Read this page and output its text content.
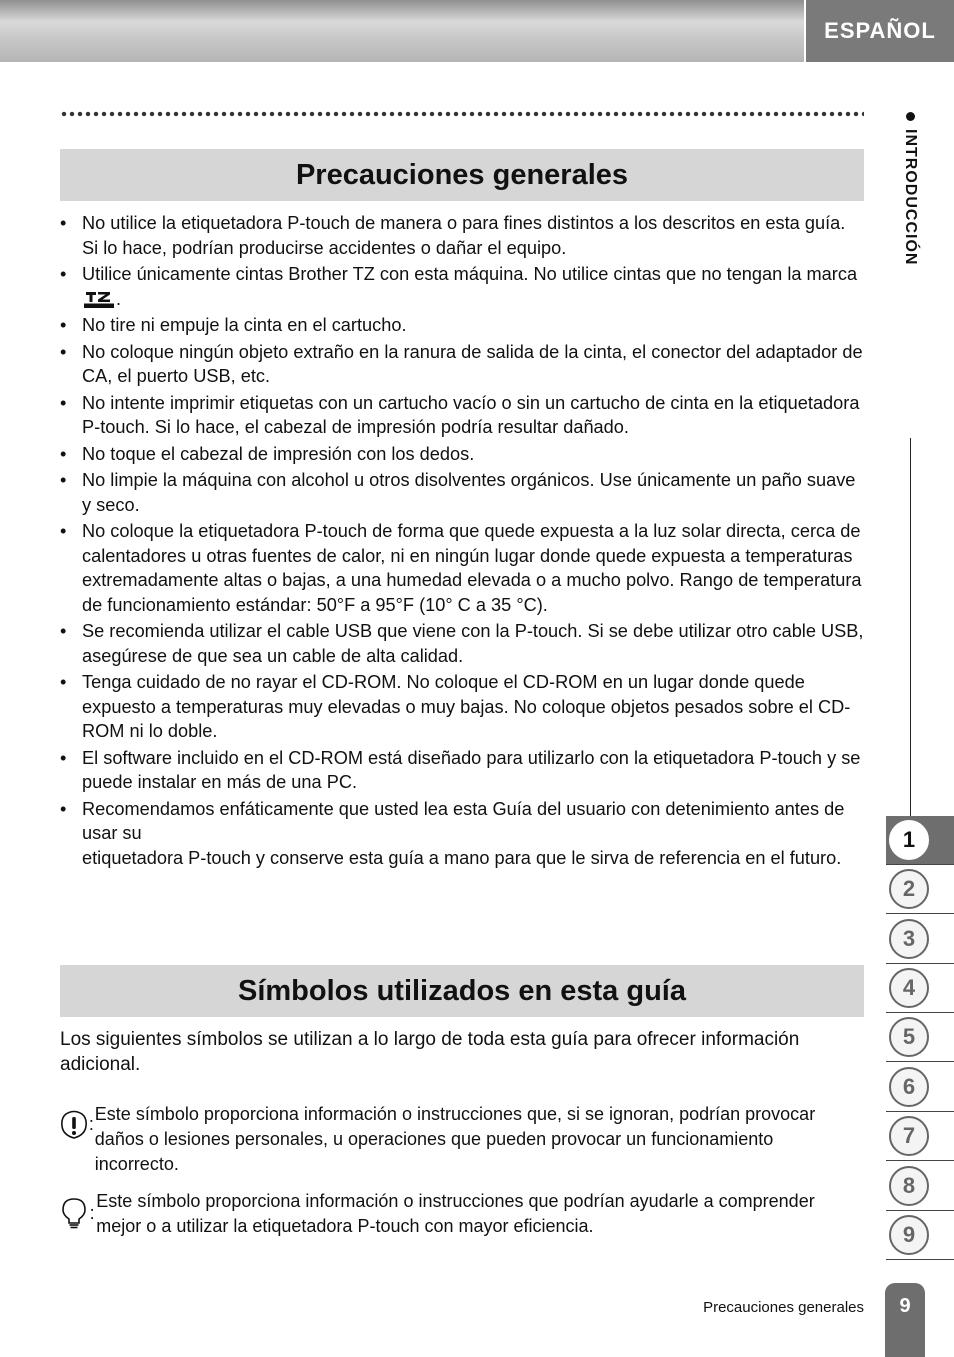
ESPAÑOL
Precauciones generales
• No utilice la etiquetadora P-touch de manera o para fines distintos a los descritos en esta guía. Si lo hace, podrían producirse accidentes o dañar el equipo.
• Utilice únicamente cintas Brother TZ con esta máquina. No utilice cintas que no tengan la marca .
• No tire ni empuje la cinta en el cartucho.
• No coloque ningún objeto extraño en la ranura de salida de la cinta, el conector del adaptador de CA, el puerto USB, etc.
• No intente imprimir etiquetas con un cartucho vacío o sin un cartucho de cinta en la etiquetadora P-touch. Si lo hace, el cabezal de impresión podría resultar dañado.
• No toque el cabezal de impresión con los dedos.
• No limpie la máquina con alcohol u otros disolventes orgánicos. Use únicamente un paño suave y seco.
• No coloque la etiquetadora P-touch de forma que quede expuesta a la luz solar directa, cerca de calentadores u otras fuentes de calor, ni en ningún lugar donde quede expuesta a temperaturas extremadamente altas o bajas, a una humedad elevada o a mucho polvo. Rango de temperatura de funcionamiento estándar: 50°F a 95°F (10° C a 35 °C).
• Se recomienda utilizar el cable USB que viene con la P-touch. Si se debe utilizar otro cable USB, asegúrese de que sea un cable de alta calidad.
• Tenga cuidado de no rayar el CD-ROM. No coloque el CD-ROM en un lugar donde quede expuesto a temperaturas muy elevadas o muy bajas. No coloque objetos pesados sobre el CD-ROM ni lo doble.
• El software incluido en el CD-ROM está diseñado para utilizarlo con la etiquetadora P-touch y se puede instalar en más de una PC.
• Recomendamos enfáticamente que usted lea esta Guía del usuario con detenimiento antes de usar su
etiquetadora P-touch y conserve esta guía a mano para que le sirva de referencia en el futuro.
Símbolos utilizados en esta guía
Los siguientes símbolos se utilizan a lo largo de toda esta guía para ofrecer información adicional.
: Este símbolo proporciona información o instrucciones que, si se ignoran, podrían provocar daños o lesiones personales, u operaciones que pueden provocar un funcionamiento incorrecto.
:
Este símbolo proporciona información o instrucciones que podrían ayudarle a comprender mejor o a utilizar la etiquetadora P-touch con mayor eficiencia.
INTRODUCCIÓN
1
2
3
4
5
6
7
8
9
Precauciones generales	9
